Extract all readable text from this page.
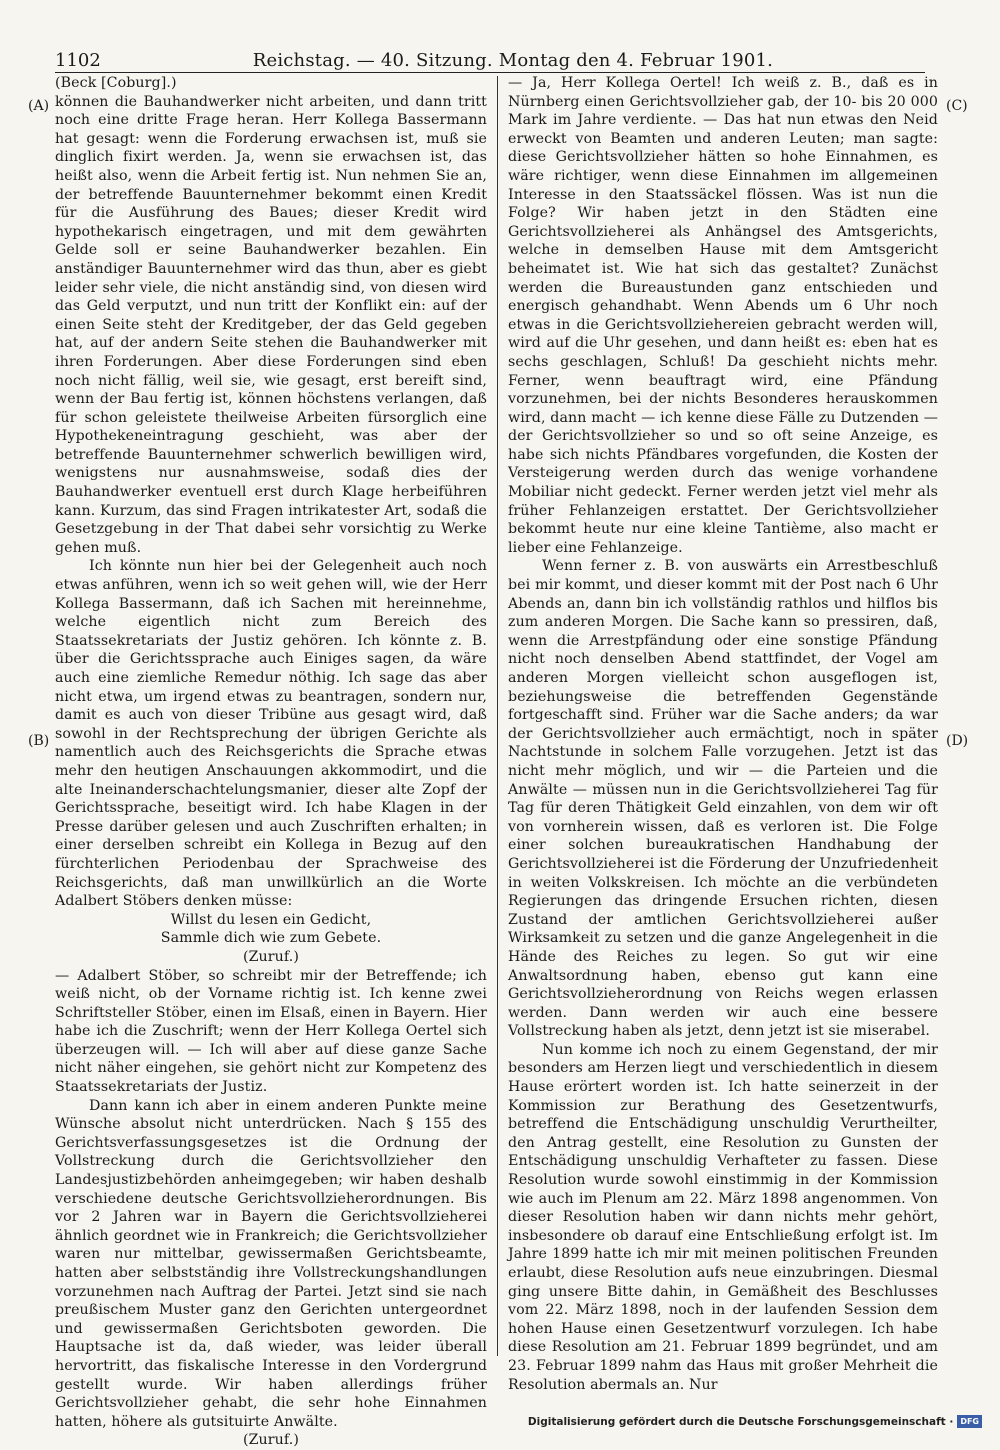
1102	Reichstag. — 40. Sitzung. Montag den 4. Februar 1901.
(A)
(B)
(C)
(D)

(Beck [Coburg].)

können die Bauhandwerker nicht arbeiten, und dann tritt noch eine dritte Frage heran. Herr Kollega Bassermann hat gesagt: wenn die Forderung erwachsen ist, muß sie dinglich fixirt werden. Ja, wenn sie erwachsen ist, das heißt also, wenn die Arbeit fertig ist. Nun nehmen Sie an, der betreffende Bauunternehmer bekommt einen Kredit für die Ausführung des Baues; dieser Kredit wird hypothekarisch eingetragen, und mit dem gewährten Gelde soll er seine Bauhandwerker bezahlen. Ein anständiger Bauunternehmer wird das thun, aber es giebt leider sehr viele, die nicht anständig sind, von diesen wird das Geld verputzt, und nun tritt der Konflikt ein: auf der einen Seite steht der Kreditgeber, der das Geld gegeben hat, auf der andern Seite stehen die Bauhandwerker mit ihren Forderungen. Aber diese Forderungen sind eben noch nicht fällig, weil sie, wie gesagt, erst bereift sind, wenn der Bau fertig ist, können höchstens verlangen, daß für schon geleistete theilweise Arbeiten fürsorglich eine Hypothekeneintragung geschieht, was aber der betreffende Bauunternehmer schwerlich bewilligen wird, wenigstens nur ausnahmsweise, sodaß dies der Bauhandwerker eventuell erst durch Klage herbeiführen kann. Kurzum, das sind Fragen intrikatester Art, sodaß die Gesetzgebung in der That dabei sehr vorsichtig zu Werke gehen muß.

Ich könnte nun hier bei der Gelegenheit auch noch etwas anführen, wenn ich so weit gehen will, wie der Herr Kollega Bassermann, daß ich Sachen mit hereinnehme, welche eigentlich nicht zum Bereich des Staatssekretariats der Justiz gehören. Ich könnte z. B. über die Gerichtssprache auch Einiges sagen, da wäre auch eine ziemliche Remedur nöthig. Ich sage das aber nicht etwa, um irgend etwas zu beantragen, sondern nur, damit es auch von dieser Tribüne aus gesagt wird, daß sowohl in der Rechtsprechung der übrigen Gerichte als namentlich auch des Reichsgerichts die Sprache etwas mehr den heutigen Anschauungen akkommodirt, und die alte Ineinanderschachtelungsmanier, dieser alte Zopf der Gerichtssprache, beseitigt wird. Ich habe Klagen in der Presse darüber gelesen und auch Zuschriften erhalten; in einer derselben schreibt ein Kollega in Bezug auf den fürchterlichen Periodenbau der Sprachweise des Reichsgerichts, daß man unwillkürlich an die Worte Adalbert Stöbers denken müsse:

Willst du lesen ein Gedicht,

Sammle dich wie zum Gebete.

(Zuruf.)

— Adalbert Stöber, so schreibt mir der Betreffende; ich weiß nicht, ob der Vorname richtig ist. Ich kenne zwei Schriftsteller Stöber, einen im Elsaß, einen in Bayern. Hier habe ich die Zuschrift; wenn der Herr Kollega Oertel sich überzeugen will. — Ich will aber auf diese ganze Sache nicht näher eingehen, sie gehört nicht zur Kompetenz des Staatssekretariats der Justiz.

Dann kann ich aber in einem anderen Punkte meine Wünsche absolut nicht unterdrücken. Nach § 155 des Gerichtsverfassungsgesetzes ist die Ordnung der Vollstreckung durch die Gerichtsvollzieher den Landesjustizbehörden anheimgegeben; wir haben deshalb verschiedene deutsche Gerichtsvollzieherordnungen. Bis vor 2 Jahren war in Bayern die Gerichtsvollzieherei ähnlich geordnet wie in Frankreich; die Gerichtsvollzieher waren nur mittelbar, gewissermaßen Gerichtsbeamte, hatten aber selbstständig ihre Vollstreckungshandlungen vorzunehmen nach Auftrag der Partei. Jetzt sind sie nach preußischem Muster ganz den Gerichten untergeordnet und gewissermaßen Gerichtsboten geworden. Die Hauptsache ist da, daß wieder, was leider überall hervortritt, das fiskalische Interesse in den Vordergrund gestellt wurde. Wir haben allerdings früher Gerichtsvollzieher gehabt, die sehr hohe Einnahmen hatten, höhere als gutsituirte Anwälte.

(Zuruf.)

— Ja, Herr Kollega Oertel! Ich weiß z. B., daß es in Nürnberg einen Gerichtsvollzieher gab, der 10- bis 20 000 Mark im Jahre verdiente. — Das hat nun etwas den Neid erweckt von Beamten und anderen Leuten; man sagte: diese Gerichtsvollzieher hätten so hohe Einnahmen, es wäre richtiger, wenn diese Einnahmen im allgemeinen Interesse in den Staatssäckel flössen. Was ist nun die Folge? Wir haben jetzt in den Städten eine Gerichtsvollzieherei als Anhängsel des Amtsgerichts, welche in demselben Hause mit dem Amtsgericht beheimatet ist. Wie hat sich das gestaltet? Zunächst werden die Bureaustunden ganz entschieden und energisch gehandhabt. Wenn Abends um 6 Uhr noch etwas in die Gerichtsvollziehereien gebracht werden will, wird auf die Uhr gesehen, und dann heißt es: eben hat es sechs geschlagen, Schluß! Da geschieht nichts mehr. Ferner, wenn beauftragt wird, eine Pfändung vorzunehmen, bei der nichts Besonderes herauskommen wird, dann macht — ich kenne diese Fälle zu Dutzenden — der Gerichtsvollzieher so und so oft seine Anzeige, es habe sich nichts Pfändbares vorgefunden, die Kosten der Versteigerung werden durch das wenige vorhandene Mobiliar nicht gedeckt. Ferner werden jetzt viel mehr als früher Fehlanzeigen erstattet. Der Gerichtsvollzieher bekommt heute nur eine kleine Tantième, also macht er lieber eine Fehlanzeige.

Wenn ferner z. B. von auswärts ein Arrestbeschluß bei mir kommt, und dieser kommt mit der Post nach 6 Uhr Abends an, dann bin ich vollständig rathlos und hilflos bis zum anderen Morgen. Die Sache kann so pressiren, daß, wenn die Arrestpfändung oder eine sonstige Pfändung nicht noch denselben Abend stattfindet, der Vogel am anderen Morgen vielleicht schon ausgeflogen ist, beziehungsweise die betreffenden Gegenstände fortgeschafft sind. Früher war die Sache anders; da war der Gerichtsvollzieher auch ermächtigt, noch in später Nachtstunde in solchem Falle vorzugehen. Jetzt ist das nicht mehr möglich, und wir — die Parteien und die Anwälte — müssen nun in die Gerichtsvollzieherei Tag für Tag für deren Thätigkeit Geld einzahlen, von dem wir oft von vornherein wissen, daß es verloren ist. Die Folge einer solchen bureaukratischen Handhabung der Gerichtsvollzieherei ist die Förderung der Unzufriedenheit in weiten Volkskreisen. Ich möchte an die verbündeten Regierungen das dringende Ersuchen richten, diesen Zustand der amtlichen Gerichtsvollzieherei außer Wirksamkeit zu setzen und die ganze Angelegenheit in die Hände des Reiches zu legen. So gut wir eine Anwaltsordnung haben, ebenso gut kann eine Gerichtsvollzieherordnung von Reichs wegen erlassen werden. Dann werden wir auch eine bessere Vollstreckung haben als jetzt, denn jetzt ist sie miserabel.

Nun komme ich noch zu einem Gegenstand, der mir besonders am Herzen liegt und verschiedentlich in diesem Hause erörtert worden ist. Ich hatte seinerzeit in der Kommission zur Berathung des Gesetzentwurfs, betreffend die Entschädigung unschuldig Verurtheilter, den Antrag gestellt, eine Resolution zu Gunsten der Entschädigung unschuldig Verhafteter zu fassen. Diese Resolution wurde sowohl einstimmig in der Kommission wie auch im Plenum am 22. März 1898 angenommen. Von dieser Resolution haben wir dann nichts mehr gehört, insbesondere ob darauf eine Entschließung erfolgt ist. Im Jahre 1899 hatte ich mir mit meinen politischen Freunden erlaubt, diese Resolution aufs neue einzubringen. Diesmal ging unsere Bitte dahin, in Gemäßheit des Beschlusses vom 22. März 1898, noch in der laufenden Session dem hohen Hause einen Gesetzentwurf vorzulegen. Ich habe diese Resolution am 21. Februar 1899 begründet, und am 23. Februar 1899 nahm das Haus mit großer Mehrheit die Resolution abermals an. Nur

Digitalisierung gefördert durch die Deutsche Forschungsgemeinschaft · DFG
